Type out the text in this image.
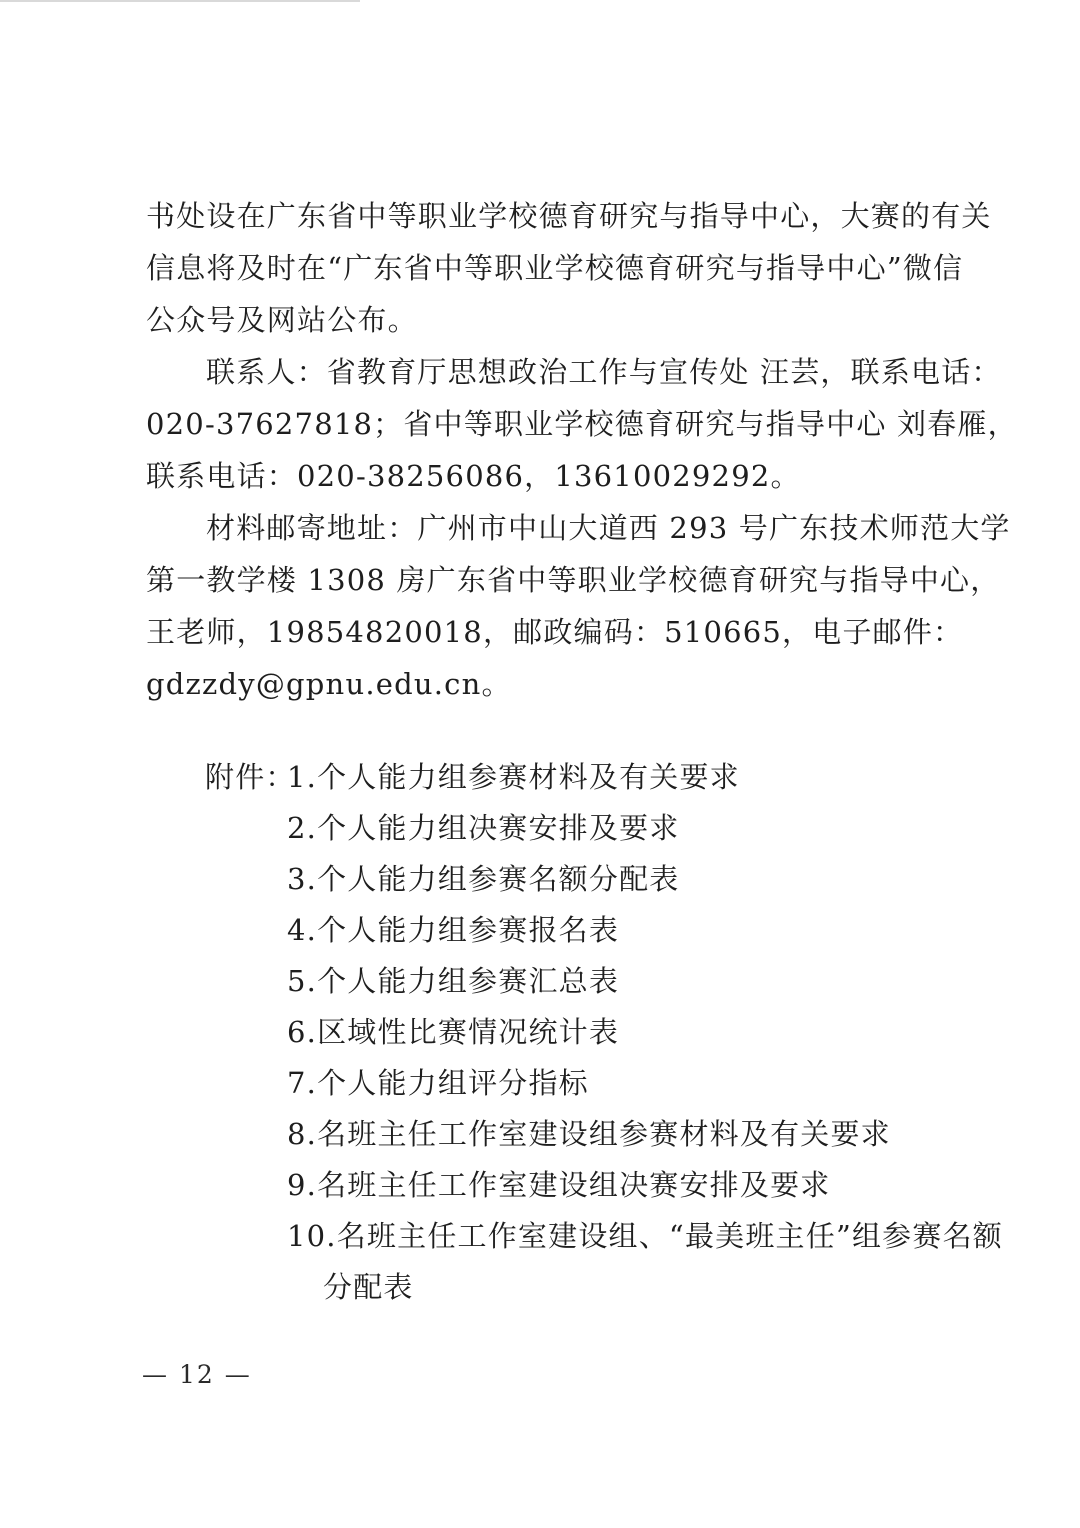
书处设在广东省中等职业学校德育研究与指导中心，大赛的有关
信息将及时在“广东省中等职业学校德育研究与指导中心”微信
公众号及网站公布。
联系人：省教育厅思想政治工作与宣传处 汪芸，联系电话：
020-37627818；省中等职业学校德育研究与指导中心 刘春雁，
联系电话：020-38256086，13610029292。
材料邮寄地址：广州市中山大道西 293 号广东技术师范大学
第一教学楼 1308 房广东省中等职业学校德育研究与指导中心，
王老师，19854820018，邮政编码：510665，电子邮件：
gdzzdy@gpnu.edu.cn。
附件：
1.个人能力组参赛材料及有关要求
2.个人能力组决赛安排及要求
3.个人能力组参赛名额分配表
4.个人能力组参赛报名表
5.个人能力组参赛汇总表
6.区域性比赛情况统计表
7.个人能力组评分指标
8.名班主任工作室建设组参赛材料及有关要求
9.名班主任工作室建设组决赛安排及要求
10.名班主任工作室建设组、“最美班主任”组参赛名额
分配表
— 12 —
